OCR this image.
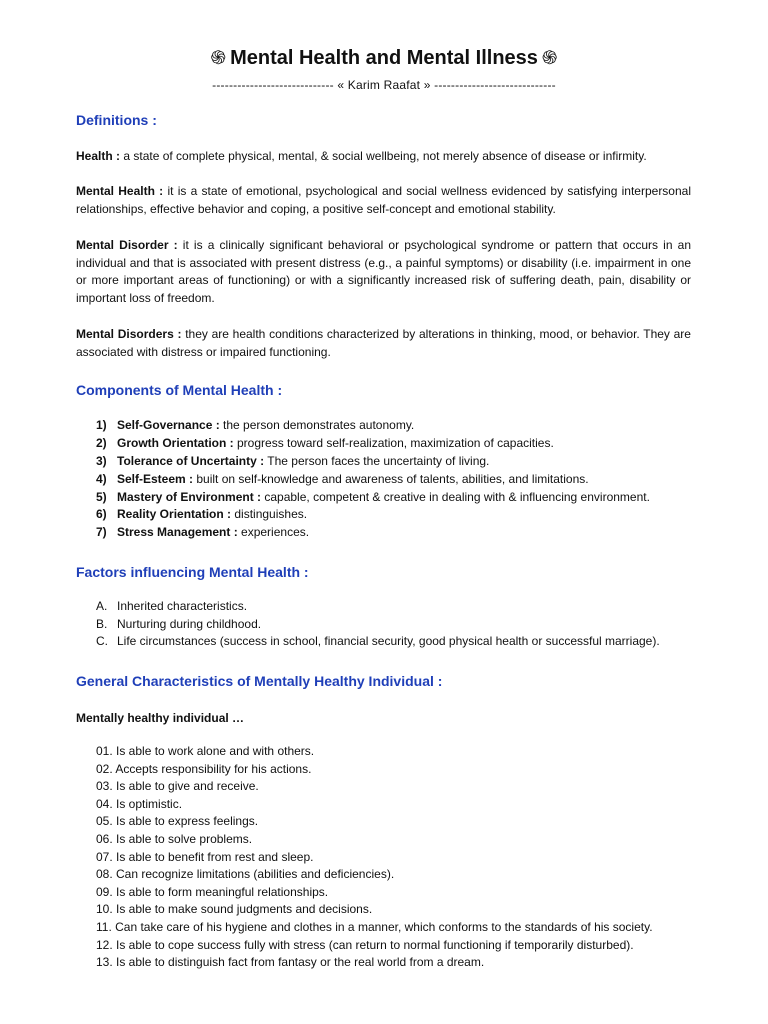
֍ Mental Health and Mental Illness ֍
----------------------------- « Karim Raafat » -----------------------------
Definitions :
Health : a state of complete physical, mental, & social wellbeing, not merely absence of disease or infirmity.
Mental Health : it is a state of emotional, psychological and social wellness evidenced by satisfying interpersonal relationships, effective behavior and coping, a positive self-concept and emotional stability.
Mental Disorder : it is a clinically significant behavioral or psychological syndrome or pattern that occurs in an individual and that is associated with present distress (e.g., a painful symptoms) or disability (i.e. impairment in one or more important areas of functioning) or with a significantly increased risk of suffering death, pain, disability or important loss of freedom.
Mental Disorders : they are health conditions characterized by alterations in thinking, mood, or behavior. They are associated with distress or impaired functioning.
Components of Mental Health :
1) Self-Governance : the person demonstrates autonomy.
2) Growth Orientation : progress toward self-realization, maximization of capacities.
3) Tolerance of Uncertainty : The person faces the uncertainty of living.
4) Self-Esteem : built on self-knowledge and awareness of talents, abilities, and limitations.
5) Mastery of Environment : capable, competent & creative in dealing with & influencing environment.
6) Reality Orientation : distinguishes.
7) Stress Management : experiences.
Factors influencing Mental Health :
A. Inherited characteristics.
B. Nurturing during childhood.
C. Life circumstances (success in school, financial security, good physical health or successful marriage).
General Characteristics of Mentally Healthy Individual :
Mentally healthy individual …
01. Is able to work alone and with others.
02. Accepts responsibility for his actions.
03. Is able to give and receive.
04. Is optimistic.
05. Is able to express feelings.
06. Is able to solve problems.
07. Is able to benefit from rest and sleep.
08. Can recognize limitations (abilities and deficiencies).
09. Is able to form meaningful relationships.
10. Is able to make sound judgments and decisions.
11. Can take care of his hygiene and clothes in a manner, which conforms to the standards of his society.
12. Is able to cope success fully with stress (can return to normal functioning if temporarily disturbed).
13. Is able to distinguish fact from fantasy or the real world from a dream.
